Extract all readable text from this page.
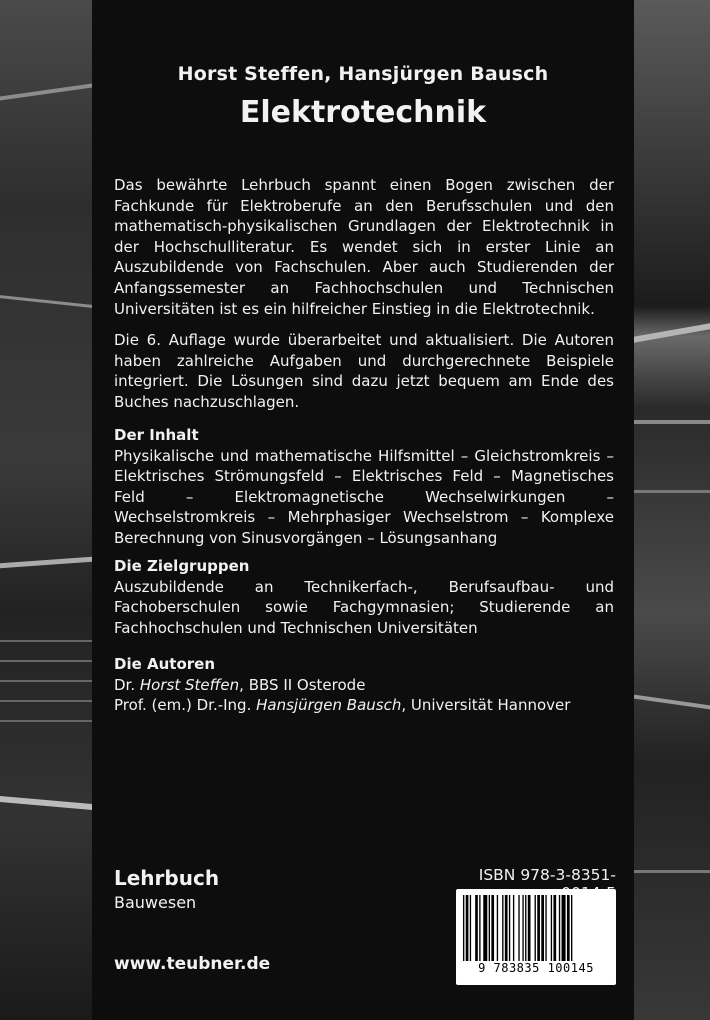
Horst Steffen, Hansjürgen Bausch
Elektrotechnik

Das bewährte Lehrbuch spannt einen Bogen zwischen der Fachkunde für Elektroberufe an den Berufsschulen und den mathematisch-physikalischen Grundlagen der Elektrotechnik in der Hochschulliteratur. Es wendet sich in erster Linie an Auszubildende von Fachschulen. Aber auch Studierenden der Anfangssemester an Fachhochschulen und Technischen Universitäten ist es ein hilfreicher Einstieg in die Elektrotechnik.

Die 6. Auflage wurde überarbeitet und aktualisiert. Die Autoren haben zahlreiche Aufgaben und durchgerechnete Beispiele integriert. Die Lösungen sind dazu jetzt bequem am Ende des Buches nachzuschlagen.

Der Inhalt

Physikalische und mathematische Hilfsmittel – Gleichstromkreis – Elektrisches Strömungsfeld – Elektrisches Feld – Magnetisches Feld – Elektromagnetische Wechselwirkungen – Wechselstromkreis – Mehrphasiger Wechselstrom – Komplexe Berechnung von Sinusvorgängen – Lösungsanhang

Die Zielgruppen

Auszubildende an Technikerfach-, Berufsaufbau- und Fachoberschulen sowie Fachgymnasien; Studierende an Fachhochschulen und Technischen Universitäten

Die Autoren
Dr. Horst Steffen, BBS II Osterode
Prof. (em.) Dr.-Ing. Hansjürgen Bausch, Universität Hannover
Lehrbuch
Bauwesen
www.teubner.de
ISBN 978-3-8351-
9 783835 100145
